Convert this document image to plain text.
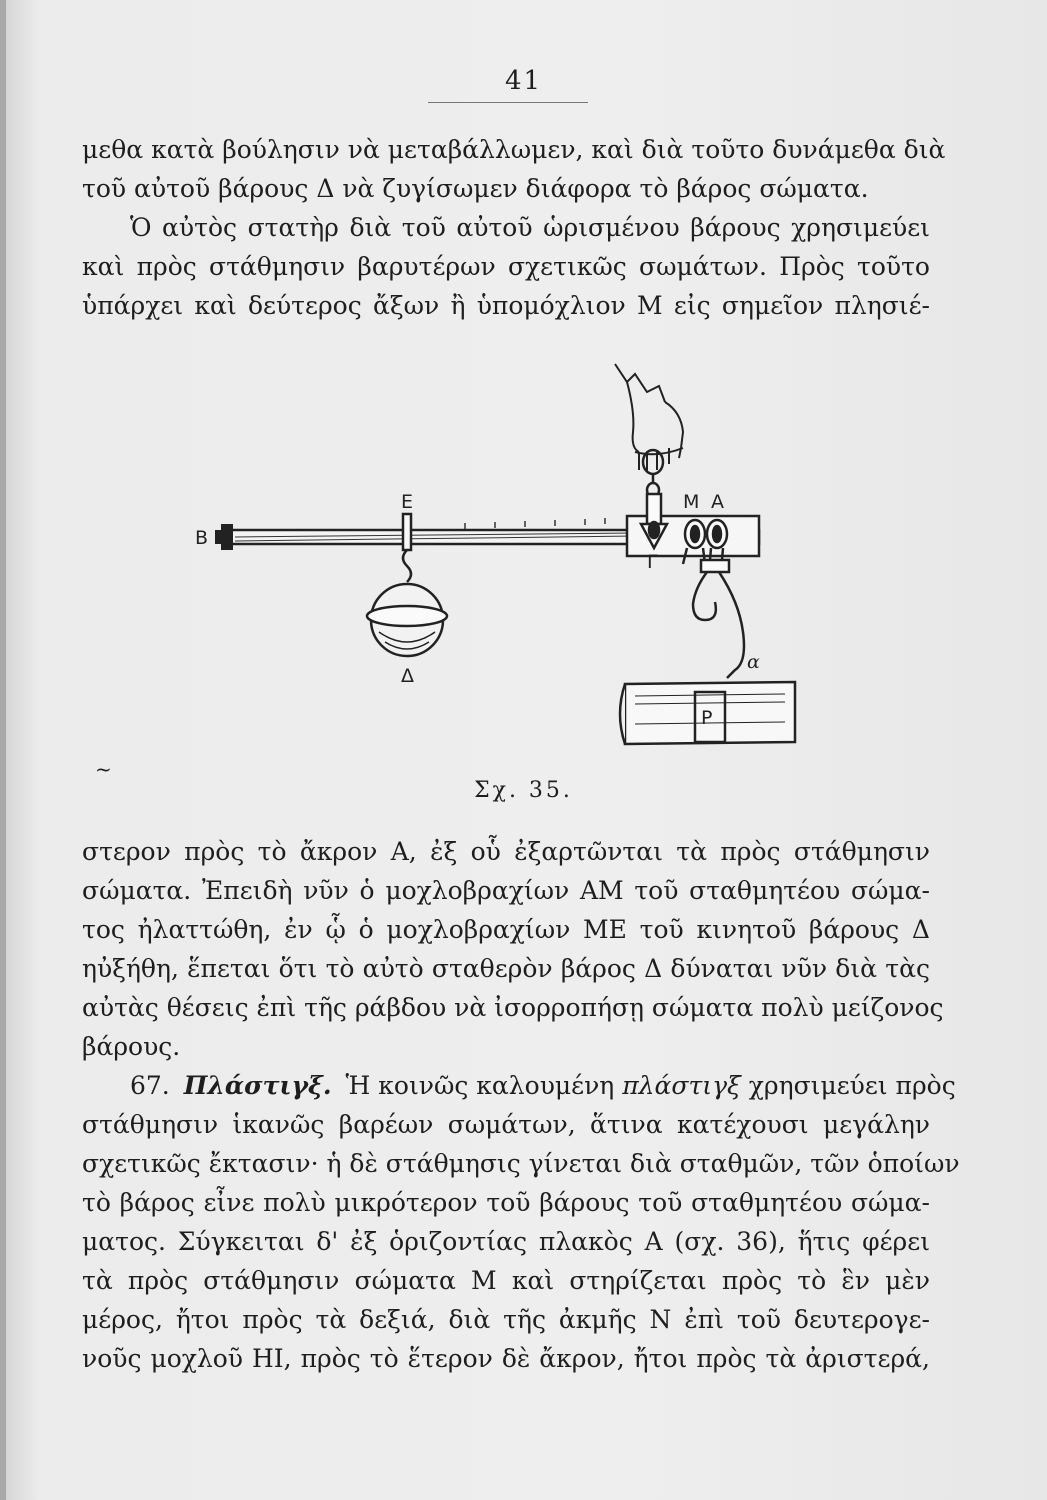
41
μεθα κατὰ βούλησιν νὰ μεταβάλλωμεν, καὶ διὰ τοῦτο δυνάμεθα διὰ
τοῦ αὐτοῦ βάρους Δ νὰ ζυγίσωμεν διάφορα τὸ βάρος σώματα.
Ὁ αὐτὸς στατὴρ διὰ τοῦ αὐτοῦ ὡρισμένου βάρους χρησιμεύει
καὶ πρὸς στάθμησιν βαρυτέρων σχετικῶς σωμάτων. Πρὸς τοῦτο
ὑπάρχει καὶ δεύτερος ἄξων ἢ ὑπομόχλιον Μ εἰς σημεῖον πλησιέ-
B
E	M A
Γ
Δ
α
P
~
Σχ. 35.
στερον πρὸς τὸ ἄκρον Α, ἐξ οὗ ἐξαρτῶνται τὰ πρὸς στάθμησιν
σώματα. Ἐπειδὴ νῦν ὁ μοχλοβραχίων ΑΜ τοῦ σταθμητέου σώμα-
τος ἠλαττώθη, ἐν ᾧ ὁ μοχλοβραχίων ΜΕ τοῦ κινητοῦ βάρους Δ
ηὐξήθη, ἕπεται ὅτι τὸ αὐτὸ σταθερὸν βάρος Δ δύναται νῦν διὰ τὰς
αὐτὰς θέσεις ἐπὶ τῆς ράβδου νὰ ἰσορροπήσῃ σώματα πολὺ μείζονος
βάρους.
67. Πλάστιγξ. Ἡ κοινῶς καλουμένη πλάστιγξ χρησιμεύει πρὸς
στάθμησιν ἱκανῶς βαρέων σωμάτων, ἅτινα κατέχουσι μεγάλην
σχετικῶς ἔκτασιν· ἡ δὲ στάθμησις γίνεται διὰ σταθμῶν, τῶν ὁποίων
τὸ βάρος εἶνε πολὺ μικρότερον τοῦ βάρους τοῦ σταθμητέου σώμα-
ματος. Σύγκειται δ' ἐξ ὁριζοντίας πλακὸς Α (σχ. 36), ἥτις φέρει
τὰ πρὸς στάθμησιν σώματα Μ καὶ στηρίζεται πρὸς τὸ ἓν μὲν
μέρος, ἤτοι πρὸς τὰ δεξιά, διὰ τῆς ἀκμῆς Ν ἐπὶ τοῦ δευτερογε-
νοῦς μοχλοῦ ΗΙ, πρὸς τὸ ἕτερον δὲ ἄκρον, ἤτοι πρὸς τὰ ἀριστερά,
